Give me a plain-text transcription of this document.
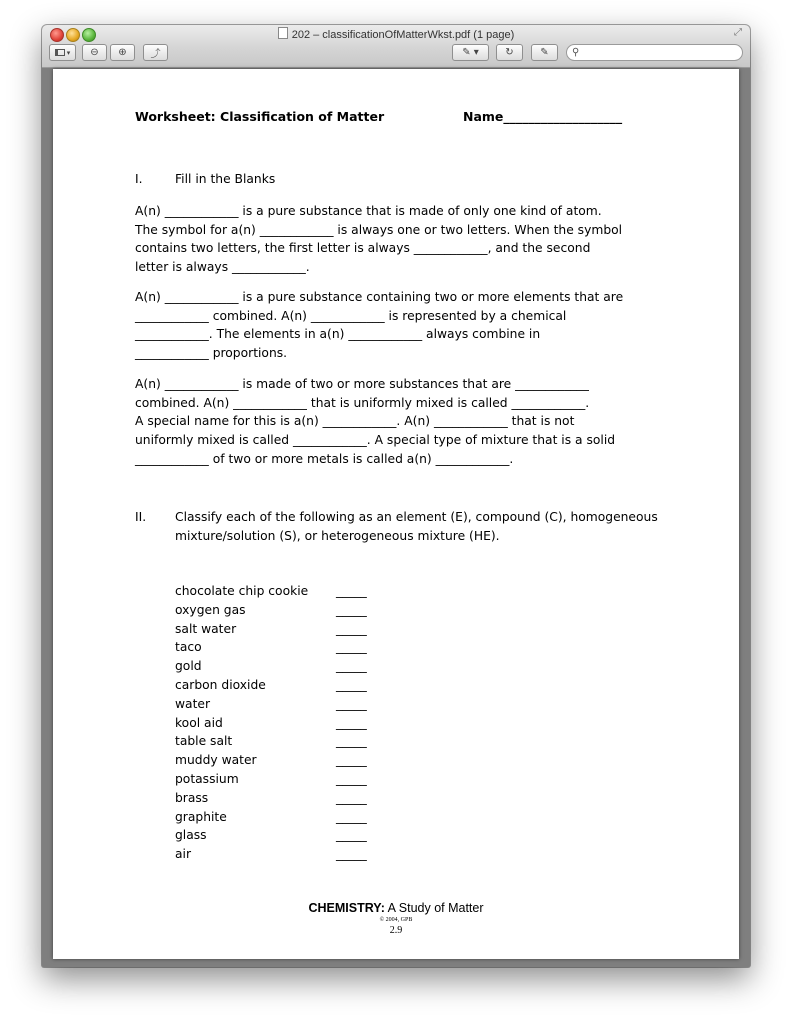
202 – classificationOfMatterWkst.pdf (1 page)	⤢
▾ ⊖ ⊕ ⤴	✎ ▾	↻	✎ ⚲
Worksheet: Classification of Matter	Name___________________
I.	Fill in the Blanks
A(n) ____________ is a pure substance that is made of only one kind of atom.
The symbol for a(n) ____________ is always one or two letters. When the symbol
contains two letters, the first letter is always ____________, and the second
letter is always ____________.
A(n) ____________ is a pure substance containing two or more elements that are
____________ combined. A(n) ____________ is represented by a chemical
____________. The elements in a(n) ____________ always combine in
____________ proportions.
A(n) ____________ is made of two or more substances that are ____________
combined. A(n) ____________ that is uniformly mixed is called ____________.
A special name for this is a(n) ____________. A(n) ____________ that is not
uniformly mixed is called ____________. A special type of mixture that is a solid
____________ of two or more metals is called a(n) ____________.
II. Classify each of the following as an element (E), compound (C), homogeneous
mixture/solution (S), or heterogeneous mixture (HE).
chocolate chip cookie _____
oxygen gas	_____
salt water	_____
taco	_____
gold	_____
carbon dioxide	_____
water	_____
kool aid	_____
table salt	_____
muddy water	_____
potassium	_____
brass	_____
graphite	_____
glass	_____
air	_____
CHEMISTRY: A Study of Matter
© 2004, GPB
2.9
